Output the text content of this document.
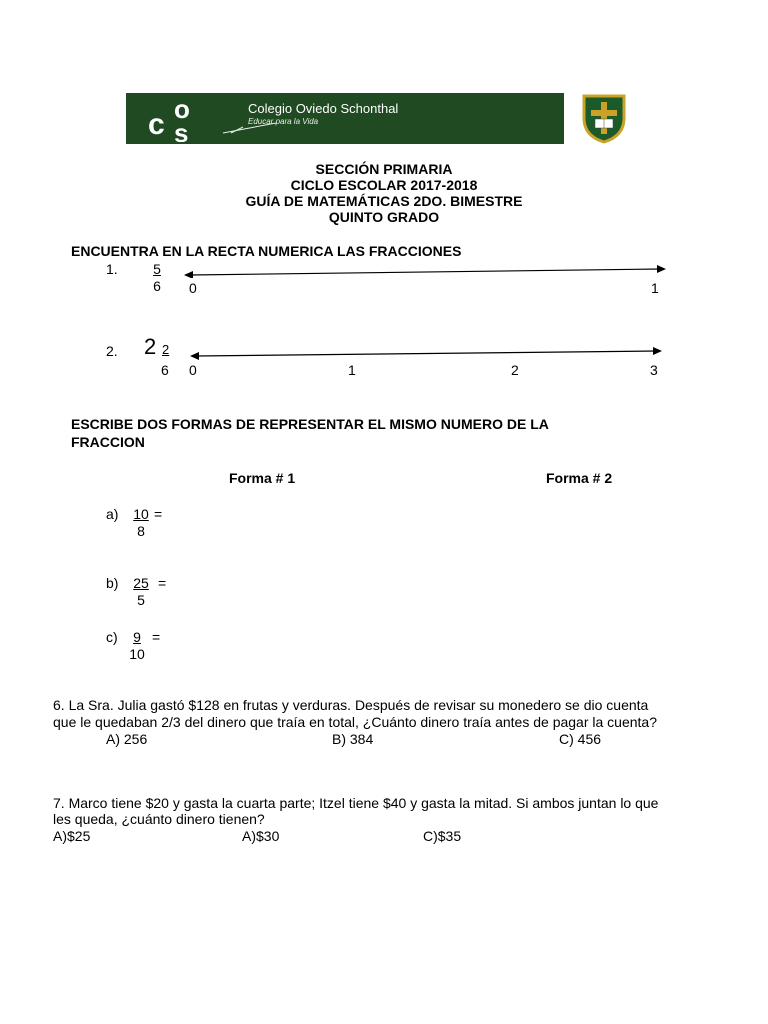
c o
s
Colegio Oviedo Schonthal
Educar para la Vida
SECCIÓN PRIMARIA
CICLO ESCOLAR 2017-2018
GUÍA DE MATEMÁTICAS 2DO. BIMESTRE
QUINTO GRADO
ENCUENTRA EN LA RECTA NUMERICA LAS FRACCIONES
1. $\frac{5}{6} 0$	1
2. 2 2
6 0	1	2	3
ESCRIBE DOS FORMAS DE REPRESENTAR EL MISMO NUMERO DE LA
FRACCION
Forma # 1	Forma # 2
$a) \frac{10}{8}$ =
$b) \frac{25}{5}$ =
$c) \frac{9}{10}$ =
6. La Sra. Julia gastó $128 en frutas y verduras. Después de revisar su monedero se dio cuenta
que le quedaban 2/3 del dinero que traía en total, ¿Cuánto dinero traía antes de pagar la cuenta?
A) 256	B) 384	C) 456
7. Marco tiene $20 y gasta la cuarta parte; Itzel tiene $40 y gasta la mitad. Si ambos juntan lo que
les queda, ¿cuánto dinero tienen?
A)$25	A)$30	C)$35
